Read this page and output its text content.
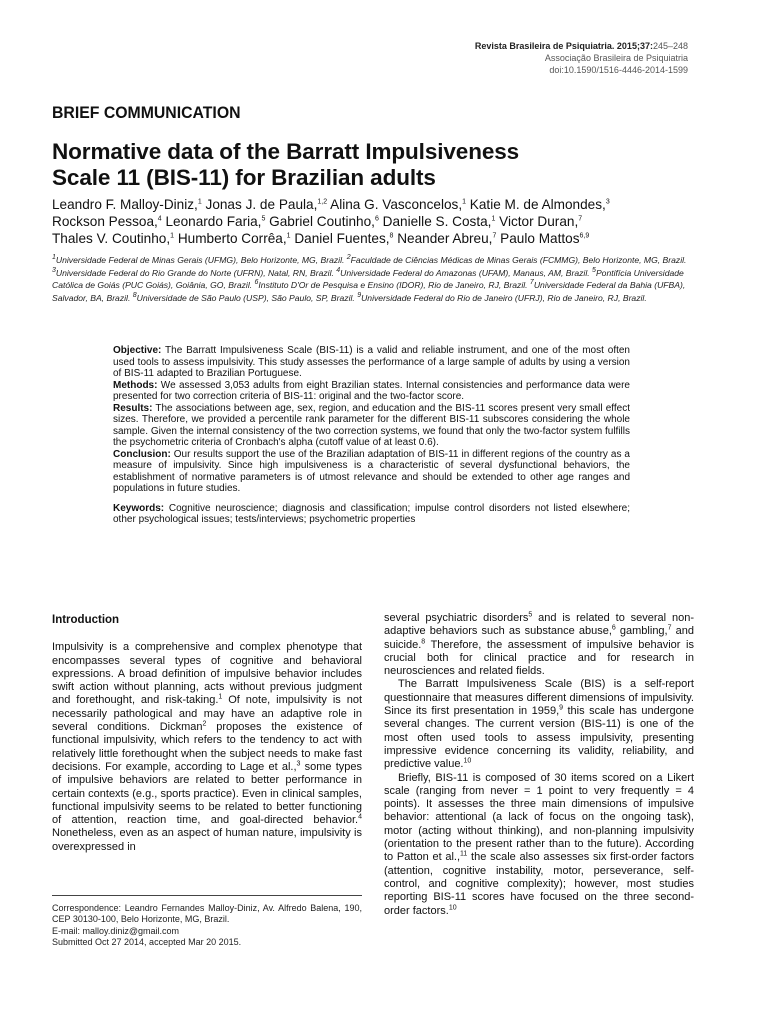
Revista Brasileira de Psiquiatria. 2015;37:245–248
Associação Brasileira de Psiquiatria
doi:10.1590/1516-4446-2014-1599
BRIEF COMMUNICATION
Normative data of the Barratt Impulsiveness
Scale 11 (BIS-11) for Brazilian adults
Leandro F. Malloy-Diniz,$^1$ Jonas J. de Paula,$^{1,2}$ Alina G. Vasconcelos,$^1$ Katie M. de Almondes,$^3$
Rockson Pessoa,$^4$ Leonardo Faria,$^5$ Gabriel Coutinho,$^6$ Danielle S. Costa,$^1$ Victor Duran,$^7$
Thales V. Coutinho,$^1$ Humberto Corrêa,$^1$ Daniel Fuentes,$^8$ Neander Abreu,$^7$ Paulo Mattos$^{6,9}$
$^1$Universidade Federal de Minas Gerais (UFMG), Belo Horizonte, MG, Brazil. $^2$Faculdade de Ciências Médicas de Minas Gerais (FCMMG), Belo Horizonte, MG, Brazil. $^3$Universidade Federal do Rio Grande do Norte (UFRN), Natal, RN, Brazil. $^4$Universidade Federal do Amazonas (UFAM), Manaus, AM, Brazil. $^5$Pontifícia Universidade Católica de Goiás (PUC Goiás), Goiânia, GO, Brazil. $^6$Instituto D'Or de Pesquisa e Ensino (IDOR), Rio de Janeiro, RJ, Brazil. $^7$Universidade Federal da Bahia (UFBA), Salvador, BA, Brazil. $^8$Universidade de São Paulo (USP), São Paulo, SP, Brazil. $^9$Universidade Federal do Rio de Janeiro (UFRJ), Rio de Janeiro, RJ, Brazil.

Objective: The Barratt Impulsiveness Scale (BIS-11) is a valid and reliable instrument, and one of the most often used tools to assess impulsivity. This study assesses the performance of a large sample of adults by using a version of BIS-11 adapted to Brazilian Portuguese.

Methods: We assessed 3,053 adults from eight Brazilian states. Internal consistencies and performance data were presented for two correction criteria of BIS-11: original and the two-factor score.

Results: The associations between age, sex, region, and education and the BIS-11 scores present very small effect sizes. Therefore, we provided a percentile rank parameter for the different BIS-11 subscores considering the whole sample. Given the internal consistency of the two correction systems, we found that only the two-factor system fulfills the psychometric criteria of Cronbach's alpha (cutoff value of at least 0.6).

Conclusion: Our results support the use of the Brazilian adaptation of BIS-11 in different regions of the country as a measure of impulsivity. Since high impulsiveness is a characteristic of several dysfunctional behaviors, the establishment of normative parameters is of utmost relevance and should be extended to other age ranges and populations in future studies.

Keywords: Cognitive neuroscience; diagnosis and classification; impulse control disorders not listed elsewhere; other psychological issues; tests/interviews; psychometric properties

Introduction

Impulsivity is a comprehensive and complex phenotype that encompasses several types of cognitive and behavioral expressions. A broad definition of impulsive behavior includes swift action without planning, acts without previous judgment and forethought, and risk-taking.$^1$ Of note, impulsivity is not necessarily pathological and may have an adaptive role in several conditions. Dickman$^2$ proposes the existence of functional impulsivity, which refers to the tendency to act with relatively little forethought when the subject needs to make fast decisions. For example, according to Lage et al.,$^3$ some types of impulsive behaviors are related to better performance in certain contexts (e.g., sports practice). Even in clinical samples, functional impulsivity seems to be related to better functioning of attention, reaction time, and goal-directed behavior.$^4$ Nonetheless, even as an aspect of human nature, impulsivity is overexpressed in

Correspondence: Leandro Fernandes Malloy-Diniz, Av. Alfredo Balena, 190, CEP 30130-100, Belo Horizonte, MG, Brazil.

E-mail: malloy.diniz@gmail.com

Submitted Oct 27 2014, accepted Mar 20 2015.

several psychiatric disorders$^5$ and is related to several non-adaptive behaviors such as substance abuse,$^6$ gambling,$^7$ and suicide.$^8$ Therefore, the assessment of impulsive behavior is crucial both for clinical practice and for research in neurosciences and related fields.

The Barratt Impulsiveness Scale (BIS) is a self-report questionnaire that measures different dimensions of impulsivity. Since its first presentation in 1959,$^9$ this scale has undergone several changes. The current version (BIS-11) is one of the most often used tools to assess impulsivity, presenting impressive evidence concerning its validity, reliability, and predictive value.$^{10}$

Briefly, BIS-11 is composed of 30 items scored on a Likert scale (ranging from never = 1 point to very frequently = 4 points). It assesses the three main dimensions of impulsive behavior: attentional (a lack of focus on the ongoing task), motor (acting without thinking), and non-planning impulsivity (orientation to the present rather than to the future). According to Patton et al.,$^{11}$ the scale also assesses six first-order factors (attention, cognitive instability, motor, perseverance, self-control, and cognitive complexity); however, most studies reporting BIS-11 scores have focused on the three second-order factors.$^{10}$
